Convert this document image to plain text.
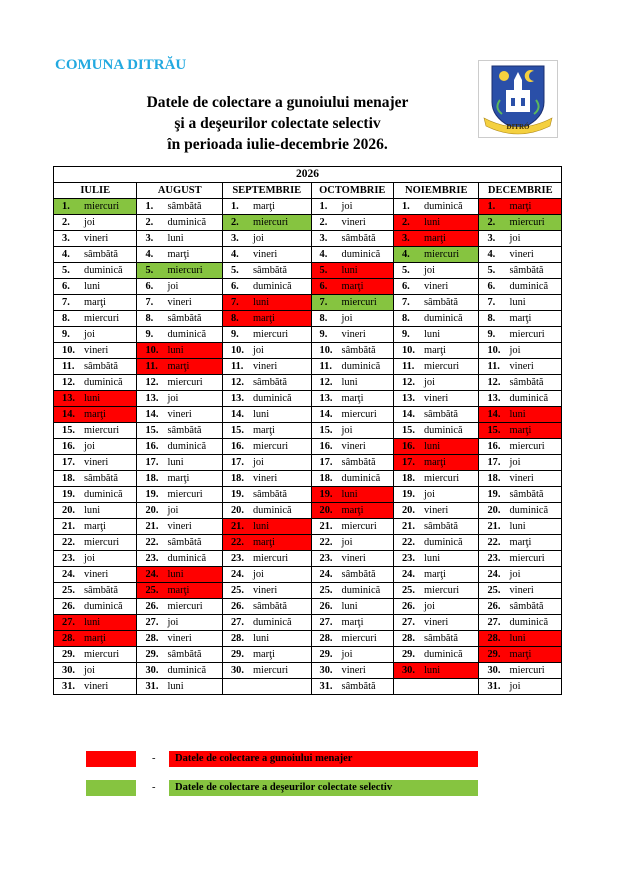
COMUNA DITRĂU
Datele de colectare a gunoiului menajer
şi a deşeurilor colectate selectiv
în perioada iulie-decembrie 2026.
DITRÓ
2026					
IULIE	AUGUST	SEPTEMBRIE	OCTOMBRIE	NOIEMBRIE	DECEMBRIE
1. miercuri	1. sâmbătă	1. marţi	1. joi	1. duminică	1. marţi
2. joi	2. duminică	2. miercuri	2. vineri	2. luni	2. miercuri
3. vineri	3. luni	3. joi	3. sâmbătă	3. marţi	3. joi
4. sâmbătă	4. marţi	4. vineri	4. duminică	4. miercuri	4. vineri
5. duminică	5. miercuri	5. sâmbătă	5. luni	5. joi	5. sâmbătă
6. luni	6. joi	6. duminică	6. marţi	6. vineri	6. duminică
7. marţi	7. vineri	7. luni	7. miercuri	7. sâmbătă	7. luni
8. miercuri	8. sâmbătă	8. marţi	8. joi	8. duminică	8. marţi
9. joi	9. duminică	9. miercuri	9. vineri	9. luni	9. miercuri
10. vineri	10. luni	10. joi	10. sâmbătă	10. marţi	10. joi
11. sâmbătă	11. marţi	11. vineri	11. duminică	11. miercuri	11. vineri
12. duminică	12. miercuri	12. sâmbătă	12. luni	12. joi	12. sâmbătă
13. luni	13. joi	13. duminică	13. marţi	13. vineri	13. duminică
14. marţi	14. vineri	14. luni	14. miercuri	14. sâmbătă	14. luni
15. miercuri	15. sâmbătă	15. marţi	15. joi	15. duminică	15. marţi
16. joi	16. duminică	16. miercuri	16. vineri	16. luni	16. miercuri
17. vineri	17. luni	17. joi	17. sâmbătă	17. marţi	17. joi
18. sâmbătă	18. marţi	18. vineri	18. duminică	18. miercuri	18. vineri
19. duminică	19. miercuri	19. sâmbătă	19. luni	19. joi	19. sâmbătă
20. luni	20. joi	20. duminică	20. marţi	20. vineri	20. duminică
21. marţi	21. vineri	21. luni	21. miercuri	21. sâmbătă	21. luni
22. miercuri	22. sâmbătă	22. marţi	22. joi	22. duminică	22. marţi
23. joi	23. duminică	23. miercuri	23. vineri	23. luni	23. miercuri
24. vineri	24. luni	24. joi	24. sâmbătă	24. marţi	24. joi
25. sâmbătă	25. marţi	25. vineri	25. duminică	25. miercuri	25. vineri
26. duminică	26. miercuri	26. sâmbătă	26. luni	26. joi	26. sâmbătă
27. luni	27. joi	27. duminică	27. marţi	27. vineri	27. duminică
28. marţi	28. vineri	28. luni	28. miercuri	28. sâmbătă	28. luni
29. miercuri	29. sâmbătă	29. marţi	29. joi	29. duminică	29. marţi
30. joi	30. duminică	30. miercuri	30. vineri	30. luni	30. miercuri
31. vineri	31. luni		31. sâmbătă		31. joi
-	Datele de colectare a gunoiului menajer
-	Datele de colectare a deşeurilor colectate selectiv
